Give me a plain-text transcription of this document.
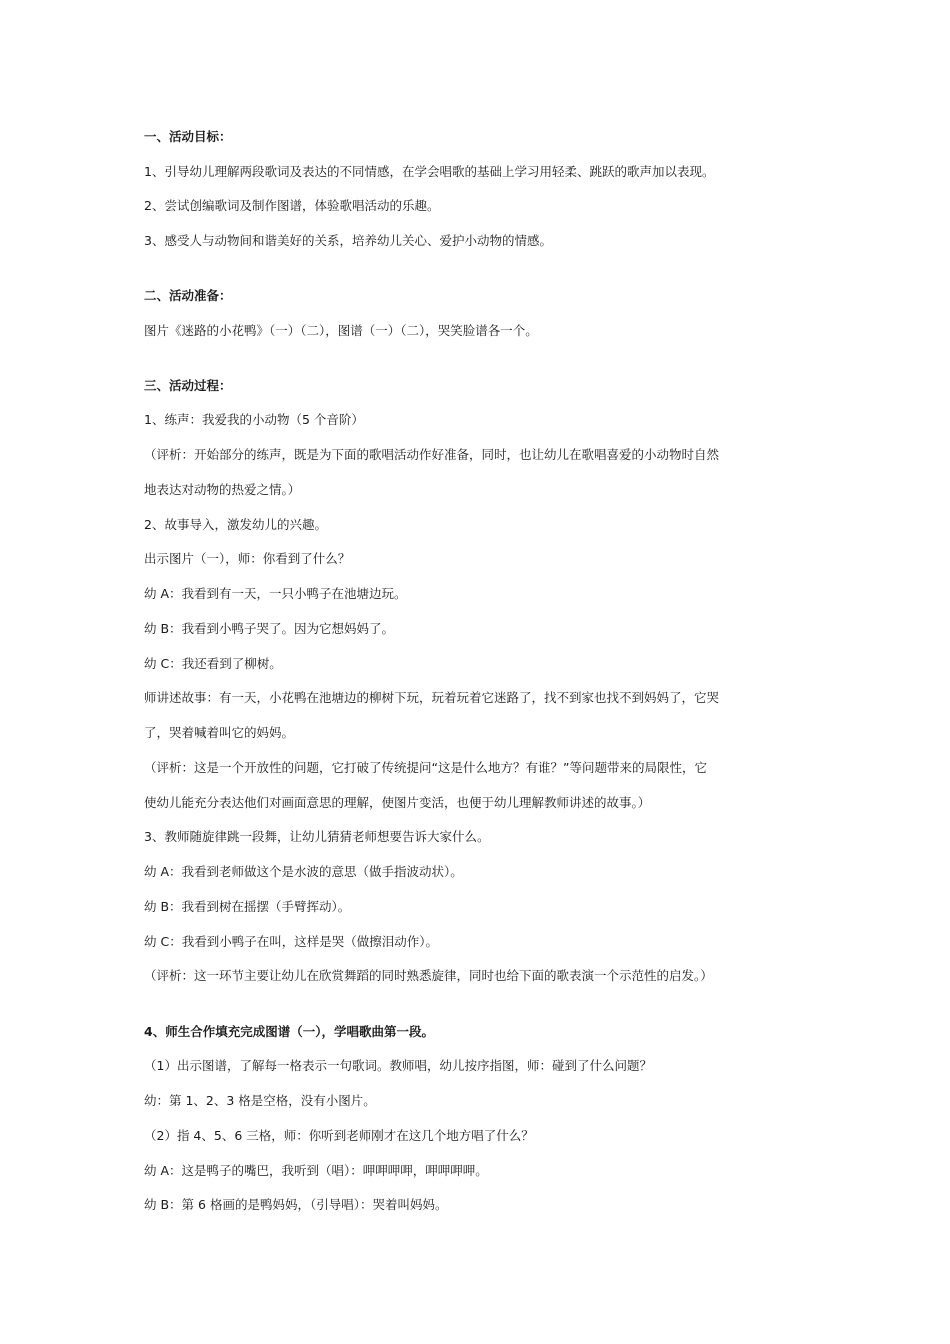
一、活动目标：
1、引导幼儿理解两段歌词及表达的不同情感，在学会唱歌的基础上学习用轻柔、跳跃的歌声加以表现。
2、尝试创编歌词及制作图谱，体验歌唱活动的乐趣。
3、感受人与动物间和谐美好的关系，培养幼儿关心、爱护小动物的情感。
二、活动准备：
图片《迷路的小花鸭》（一）（二），图谱（一）（二），哭笑脸谱各一个。
三、活动过程：
1、练声：我爱我的小动物（5 个音阶）
（评析：开始部分的练声，既是为下面的歌唱活动作好准备，同时，也让幼儿在歌唱喜爱的小动物时自然
地表达对动物的热爱之情。）
2、故事导入，激发幼儿的兴趣。
出示图片（一），师：你看到了什么？
幼 A：我看到有一天，一只小鸭子在池塘边玩。
幼 B：我看到小鸭子哭了。因为它想妈妈了。
幼 C：我还看到了柳树。
师讲述故事：有一天，小花鸭在池塘边的柳树下玩，玩着玩着它迷路了，找不到家也找不到妈妈了，它哭
了，哭着喊着叫它的妈妈。
（评析：这是一个开放性的问题，它打破了传统提问“这是什么地方？有谁？”等问题带来的局限性，它
使幼儿能充分表达他们对画面意思的理解，使图片变活，也便于幼儿理解教师讲述的故事。）
3、教师随旋律跳一段舞，让幼儿猜猜老师想要告诉大家什么。
幼 A：我看到老师做这个是水波的意思（做手指波动状）。
幼 B：我看到树在摇摆（手臂挥动）。
幼 C：我看到小鸭子在叫，这样是哭（做擦泪动作）。
（评析：这一环节主要让幼儿在欣赏舞蹈的同时熟悉旋律，同时也给下面的歌表演一个示范性的启发。）
4、师生合作填充完成图谱（一），学唱歌曲第一段。
（1）出示图谱，了解每一格表示一句歌词。教师唱，幼儿按序指图，师：碰到了什么问题？
幼：第 1、2、3 格是空格，没有小图片。
（2）指 4、5、6 三格，师：你听到老师刚才在这几个地方唱了什么？
幼 A：这是鸭子的嘴巴，我听到（唱）：呷呷呷呷，呷呷呷呷。
幼 B：第 6 格画的是鸭妈妈，（引导唱）：哭着叫妈妈。
